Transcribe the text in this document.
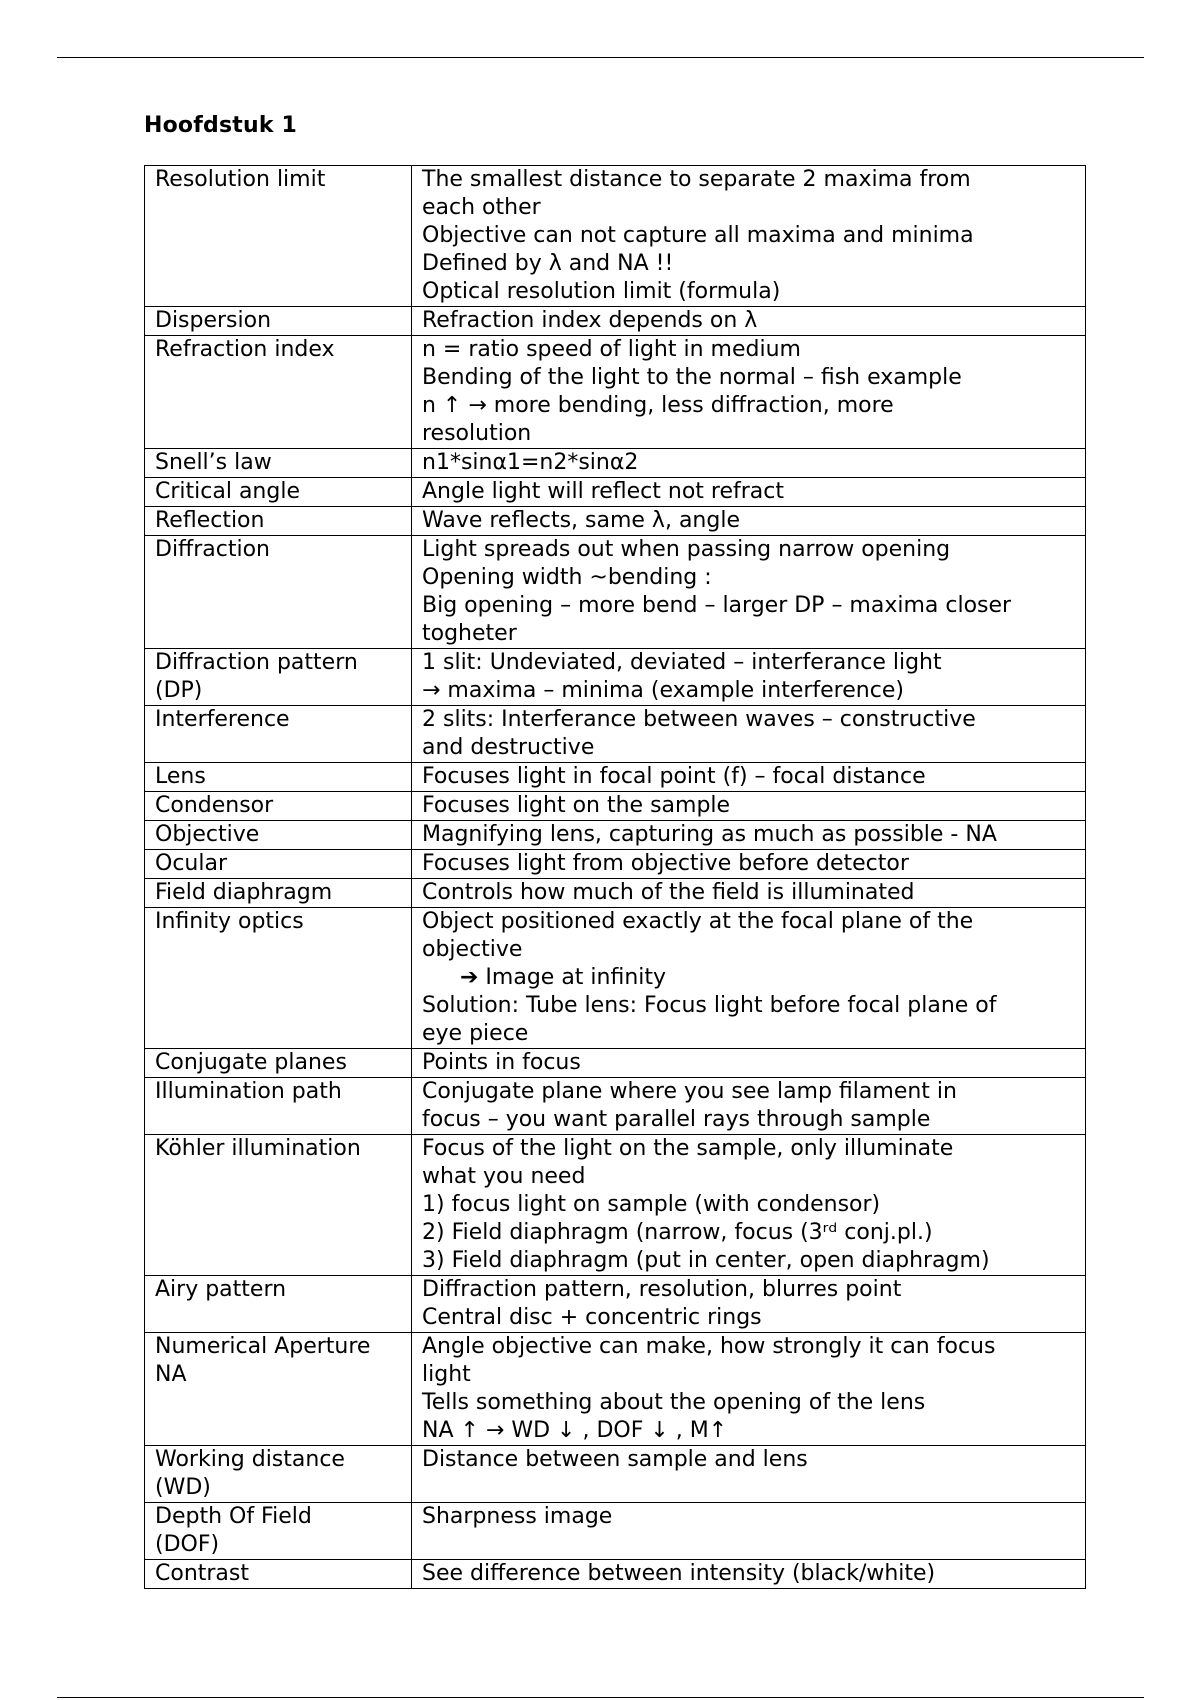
Hoofdstuk 1
Resolution limit	The smallest distance to separate 2 maxima from
each other
Objective can not capture all maxima and minima
Defined by λ and NA !!
Optical resolution limit (formula)

Dispersion	Refraction index depends on λ

Refraction index	n = ratio speed of light in medium
Bending of the light to the normal – fish example
n ↑ → more bending, less diffraction, more
resolution

Snell’s law	n1*sinα1=n2*sinα2

Critical angle	Angle light will reflect not refract

Reflection	Wave reflects, same λ, angle

Diffraction	Light spreads out when passing narrow opening
Opening width ~bending :
Big opening – more bend – larger DP – maxima closer
togheter

Diffraction pattern
(DP)	1 slit: Undeviated, deviated – interferance light
→ maxima – minima (example interference)

Interference	2 slits: Interferance between waves – constructive
and destructive

Lens	Focuses light in focal point (f) – focal distance

Condensor	Focuses light on the sample

Objective	Magnifying lens, capturing as much as possible - NA

Ocular	Focuses light from objective before detector

Field diaphragm	Controls how much of the field is illuminated

Infinity optics	Object positioned exactly at the focal plane of the
objective
➔ Image at infinity
Solution: Tube lens: Focus light before focal plane of
eye piece

Conjugate planes	Points in focus

Illumination path	Conjugate plane where you see lamp filament in
focus – you want parallel rays through sample

Köhler illumination	Focus of the light on the sample, only illuminate
what you need
1) focus light on sample (with condensor)
2) Field diaphragm (narrow, focus (3ʳᵈ conj.pl.)
3) Field diaphragm (put in center, open diaphragm)

Airy pattern	Diffraction pattern, resolution, blurres point
Central disc + concentric rings

Numerical Aperture
NA	Angle objective can make, how strongly it can focus
light
Tells something about the opening of the lens
NA ↑ → WD ↓ , DOF ↓ , M↑

Working distance
(WD)	Distance between sample and lens

Depth Of Field
(DOF)	Sharpness image

Contrast	See difference between intensity (black/white)
